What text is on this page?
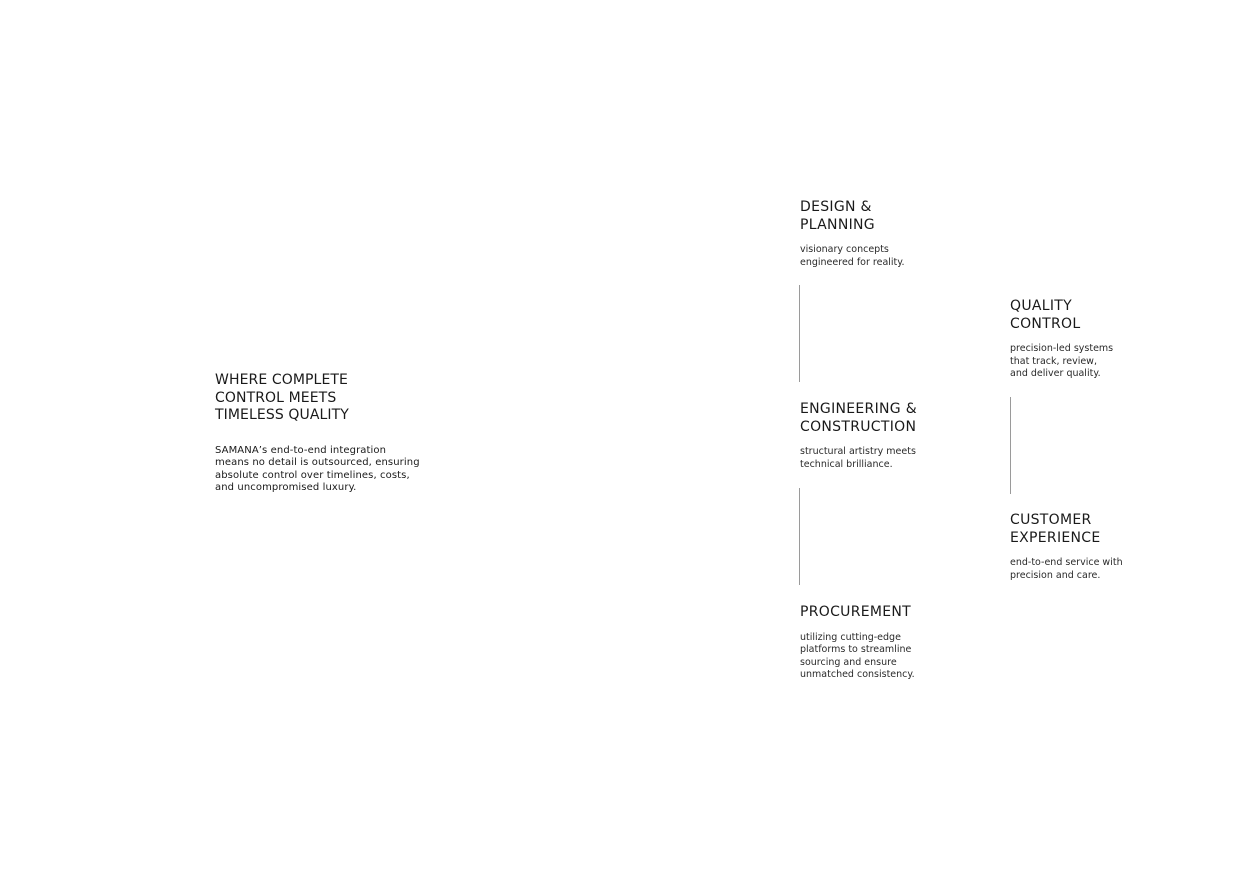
WHERE COMPLETE
CONTROL MEETS
TIMELESS QUALITY

SAMANA’s end-to-end integration
means no detail is outsourced, ensuring
absolute control over timelines, costs,
and uncompromised luxury.

DESIGN &
PLANNING

visionary concepts
engineered for reality.

ENGINEERING &
CONSTRUCTION

structural artistry meets
technical brilliance.

PROCUREMENT

utilizing cutting-edge
platforms to streamline
sourcing and ensure
unmatched consistency.

QUALITY
CONTROL

precision-led systems
that track, review,
and deliver quality.

CUSTOMER
EXPERIENCE

end-to-end service with
precision and care.
